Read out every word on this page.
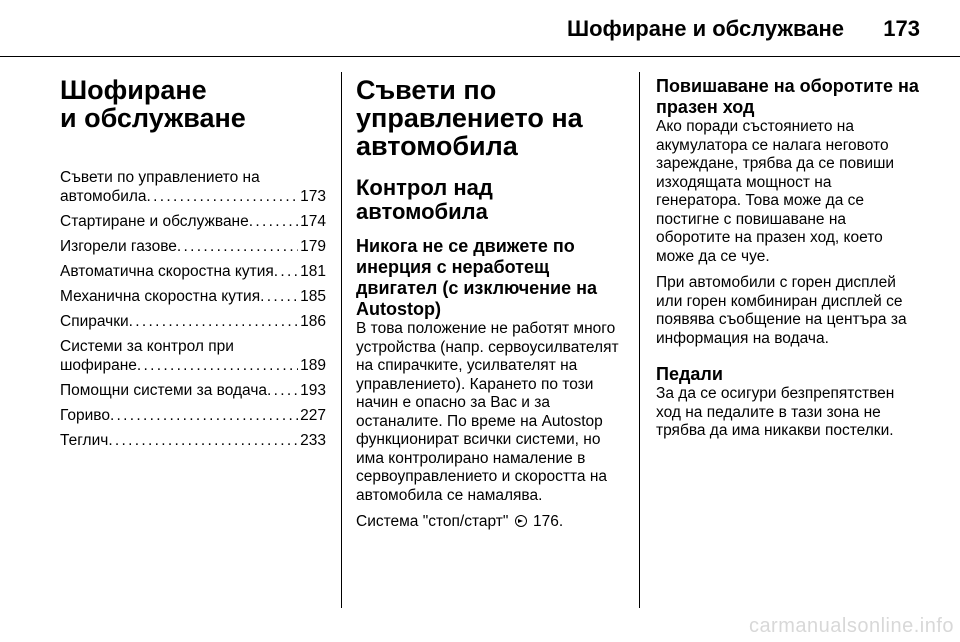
Шофиране и обслужване 173
Шофиране
и обслужване
Съвети по управлението на
автомобила . . .	173
Стартиране и обслужване . . .	174
Изгорели газове . . .	179
Автоматична скоростна кутия . . . 181
Механична скоростна кутия . . .	185
Спирачки . . .	186
Системи за контрол при
шофиране . . .	189
Помощни системи за водача . . . 193
Гориво . . .	227
Теглич . . .	233
Съвети по управлението на автомобила
Контрол над автомобила
Никога не се движете по инерция с неработещ двигател (с изключение на Autostop)

В това положение не работят много устройства (напр. сервоусилвателят на спирачките, усилвателят на управлението). Карането по този начин е опасно за Вас и за останалите. По време на Autostop функционират всички системи, но има контролирано намаление в сервоуправлението и скоростта на автомобила се намалява.

Система "стоп/старт" 176.

Повишаване на оборотите на празен ход

Ако поради състоянието на акумулатора се налага неговото зареждане, трябва да се повиши изходящата мощност на генератора. Това може да се постигне с повишаване на оборотите на празен ход, което може да се чуе.

При автомобили с горен дисплей или горен комбиниран дисплей се появява съобщение на центъра за информация на водача.

Педали

За да се осигури безпрепятствен ход на педалите в тази зона не трябва да има никакви постелки.

carmanualsonline.info
